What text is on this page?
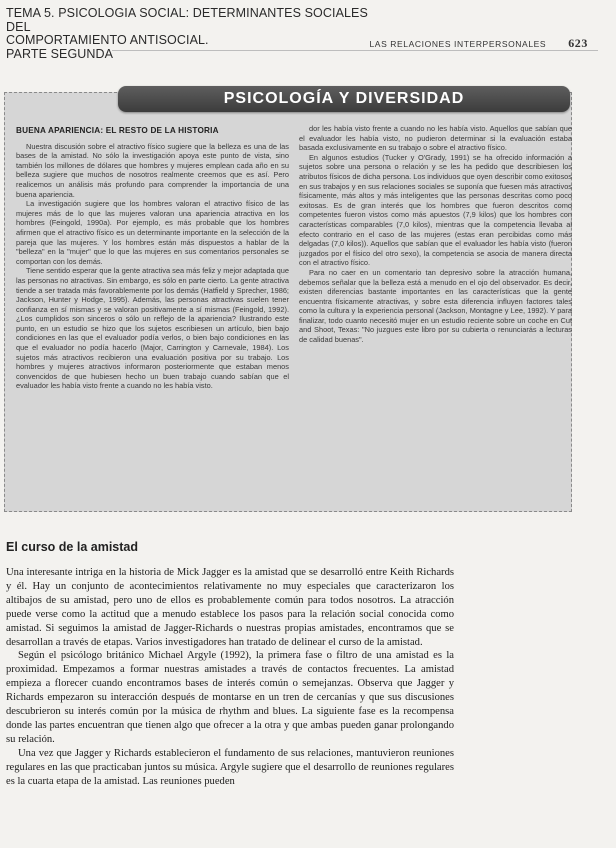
TEMA 5. PSICOLOGIA SOCIAL: DETERMINANTES SOCIALES DEL
COMPORTAMIENTO ANTISOCIAL.
PARTE SEGUNDA
LAS RELACIONES INTERPERSONALES 623
PSICOLOGÍA Y DIVERSIDAD
BUENA APARIENCIA: EL RESTO DE LA HISTORIA

Nuestra discusión sobre el atractivo físico sugiere que la belleza es una de las bases de la amistad. No sólo la investigación apoya este punto de vista, sino también los millones de dólares que hombres y mujeres emplean cada año en su belleza sugiere que muchos de nosotros realmente creemos que es así. Pero realicemos un análisis más profundo para comprender la importancia de una buena apariencia.

La investigación sugiere que los hombres valoran el atractivo físico de las mujeres más de lo que las mujeres valoran una apariencia atractiva en los hombres (Feingold, 1990a). Por ejemplo, es más probable que los hombres afirmen que el atractivo físico es un determinante importante en la selección de la pareja que las mujeres. Y los hombres están más dispuestos a hablar de la "belleza" en la "mujer" que lo que las mujeres en sus comentarios personales se comportan con los demás.

Tiene sentido esperar que la gente atractiva sea más feliz y mejor adaptada que las personas no atractivas. Sin embargo, es sólo en parte cierto. La gente atractiva tiende a ser tratada más favorablemente por los demás (Hatfield y Sprecher, 1986; Jackson, Hunter y Hodge, 1995). Además, las personas atractivas suelen tener confianza en sí mismas y se valoran positivamente a sí mismas (Feingold, 1992). ¿Los cumplidos son sinceros o sólo un reflejo de la apariencia? Ilustrando este punto, en un estudio se hizo que los sujetos escribiesen un artículo, bien bajo condiciones en las que el evaluador podía verlos, o bien bajo condiciones en las que el evaluador no podía hacerlo (Major, Carrington y Carnevale, 1984). Los sujetos más atractivos recibieron una evaluación positiva por su trabajo. Los hombres y mujeres atractivos informaron posteriormente que estaban menos convencidos de que hubiesen hecho un buen trabajo cuando sabían que el evaluador les había visto frente a cuando no les había visto.

dor les había visto frente a cuando no les había visto. Aquellos que sabían que el evaluador les había visto, no pudieron determinar si la evaluación estaba basada exclusivamente en su trabajo o sobre el atractivo físico.

En algunos estudios (Tucker y O'Grady, 1991) se ha ofrecido información a sujetos sobre una persona o relación y se les ha pedido que describiesen los atributos físicos de dicha persona. Los individuos que oyen describir como exitosos en sus trabajos y en sus relaciones sociales se suponía que fuesen más atractivos físicamente, más altos y más inteligentes que las personas descritas como poco exitosas. Es de gran interés que los hombres que fueron descritos como competentes fueron vistos como más apuestos (7,9 kilos) que los hombres con características comparables (7,0 kilos), mientras que la competencia llevaba al efecto contrario en el caso de las mujeres (estas eran percibidas como más delgadas (7,0 kilos)). Aquellos que sabían que el evaluador les había visto (fueron juzgados por el físico del otro sexo), la competencia se asocia de manera directa con el atractivo físico.

Para no caer en un comentario tan depresivo sobre la atracción humana, debemos señalar que la belleza está a menudo en el ojo del observador. Es decir, existen diferencias bastante importantes en las características que la gente encuentra físicamente atractivas, y sobre esta diferencia influyen factores tales como la cultura y la experiencia personal (Jackson, Montagne y Lee, 1992). Y para finalizar, todo cuanto necesitó mujer en un estudio reciente sobre un coche en Cut and Shoot, Texas: "No juzgues este libro por su cubierta o renunciarás a lecturas de calidad buenas".

El curso de la amistad

Una interesante intriga en la historia de Mick Jagger es la amistad que se desarrolló entre Keith Richards y él. Hay un conjunto de acontecimientos relativamente no muy especiales que caracterizaron los altibajos de su amistad, pero uno de ellos es probablemente común para todos nosotros. La atracción puede verse como la actitud que a menudo establece los pasos para la relación social conocida como amistad. Si seguimos la amistad de Jagger-Richards o nuestras propias amistades, encontramos que se desarrollan a través de etapas. Varios investigadores han tratado de delinear el curso de la amistad.

Según el psicólogo británico Michael Argyle (1992), la primera fase o filtro de una amistad es la proximidad. Empezamos a formar nuestras amistades a través de contactos frecuentes. La amistad empieza a florecer cuando encontramos bases de interés común o semejanzas. Observa que Jagger y Richards empezaron su interacción después de montarse en un tren de cercanías y que sus discusiones descubrieron su interés común por la música de rhythm and blues. La siguiente fase es la recompensa donde las partes encuentran que tienen algo que ofrecer a la otra y que ambas pueden ganar prolongando su relación.

Una vez que Jagger y Richards establecieron el fundamento de sus relaciones, mantuvieron reuniones regulares en las que practicaban juntos su música. Argyle sugiere que el desarrollo de reuniones regulares es la cuarta etapa de la amistad. Las reuniones pueden
